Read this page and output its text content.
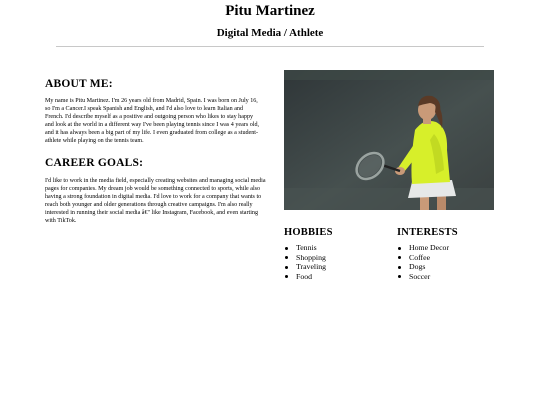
Pitu Martinez
Digital Media / Athlete
ABOUT ME:

My name is Pitu Martinez. I'm 26 years old from Madrid, Spain. I was born on July 16, so I'm a Cancer.I speak Spanish and English, and I'd also love to learn Italian and French. I'd describe myself as a positive and outgoing person who likes to stay happy and look at the world in a different way I've been playing tennis since I was 4 years old, and it has always been a big part of my life. I even graduated from college as a student-athlete while playing on the tennis team.

CAREER GOALS:

I'd like to work in the media field, especially creating websites and managing social media pages for companies. My dream job would be something connected to sports, while also having a strong foundation in digital media. I'd love to work for a company that wants to reach both younger and older generations through creative campaigns. I'm also really interested in running their social media â€" like Instagram, Facebook, and even starting with TikTok.

HOBBIES
Tennis
Shopping
Traveling
Food
INTERESTS
Home Decor
Coffee
Dogs
Soccer
